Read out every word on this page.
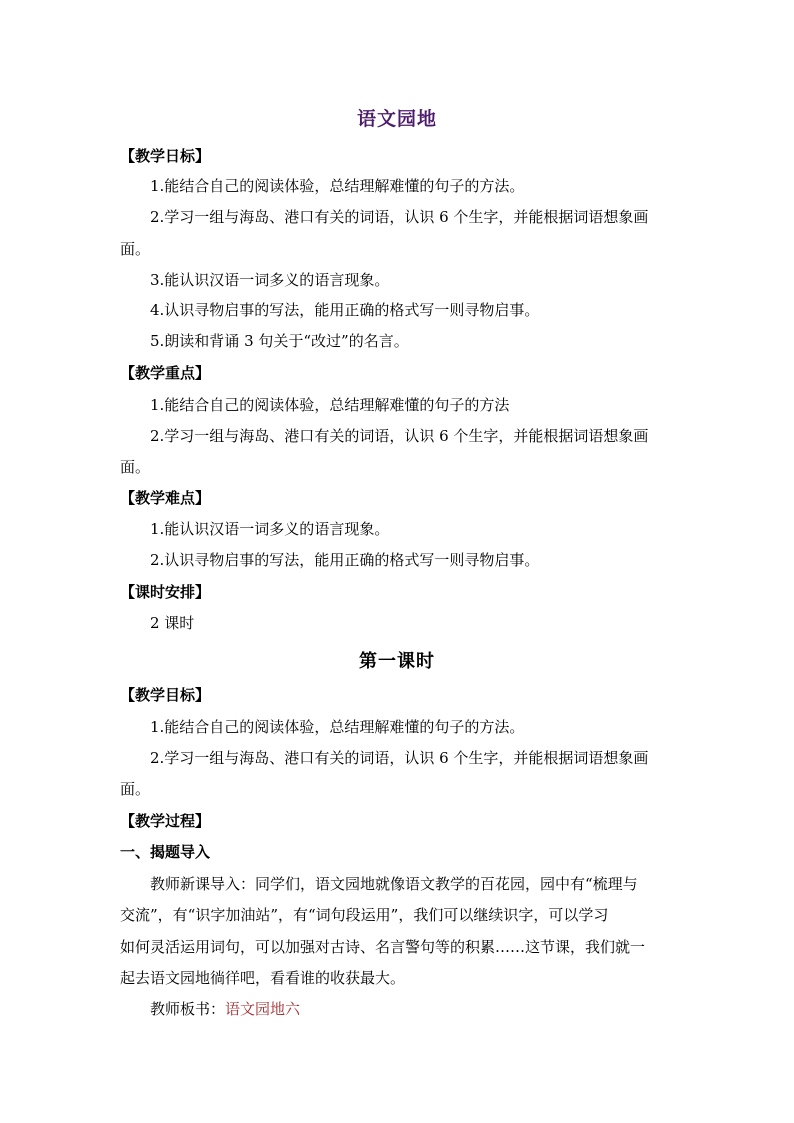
语文园地
【教学日标】
1.能结合自己的阅读体验，总结理解难懂的句子的方法。
2.学习一组与海岛、港口有关的词语，认识 6 个生字，并能根据词语想象画
面。
3.能认识汉语一词多义的语言现象。
4.认识寻物启事的写法，能用正确的格式写一则寻物启事。
5.朗读和背诵 3 句关于“改过”的名言。
【教学重点】
1.能结合自己的阅读体验，总结理解难懂的句子的方法
2.学习一组与海岛、港口有关的词语，认识 6 个生字，并能根据词语想象画
面。
【教学难点】
1.能认识汉语一词多义的语言现象。
2.认识寻物启事的写法，能用正确的格式写一则寻物启事。
【课时安排】
2 课时
第一课时
【教学目标】
1.能结合自己的阅读体验，总结理解难懂的句子的方法。
2.学习一组与海岛、港口有关的词语，认识 6 个生字，并能根据词语想象画
面。
【教学过程】
一、揭题导入
教师新课导入：同学们，语文园地就像语文教学的百花园，园中有“梳理与
交流”，有“识字加油站”，有“词句段运用”，我们可以继续识字，可以学习
如何灵活运用词句，可以加强对古诗、名言警句等的积累……这节课，我们就一
起去语文园地徜徉吧，看看谁的收获最大。
教师板书：语文园地六
